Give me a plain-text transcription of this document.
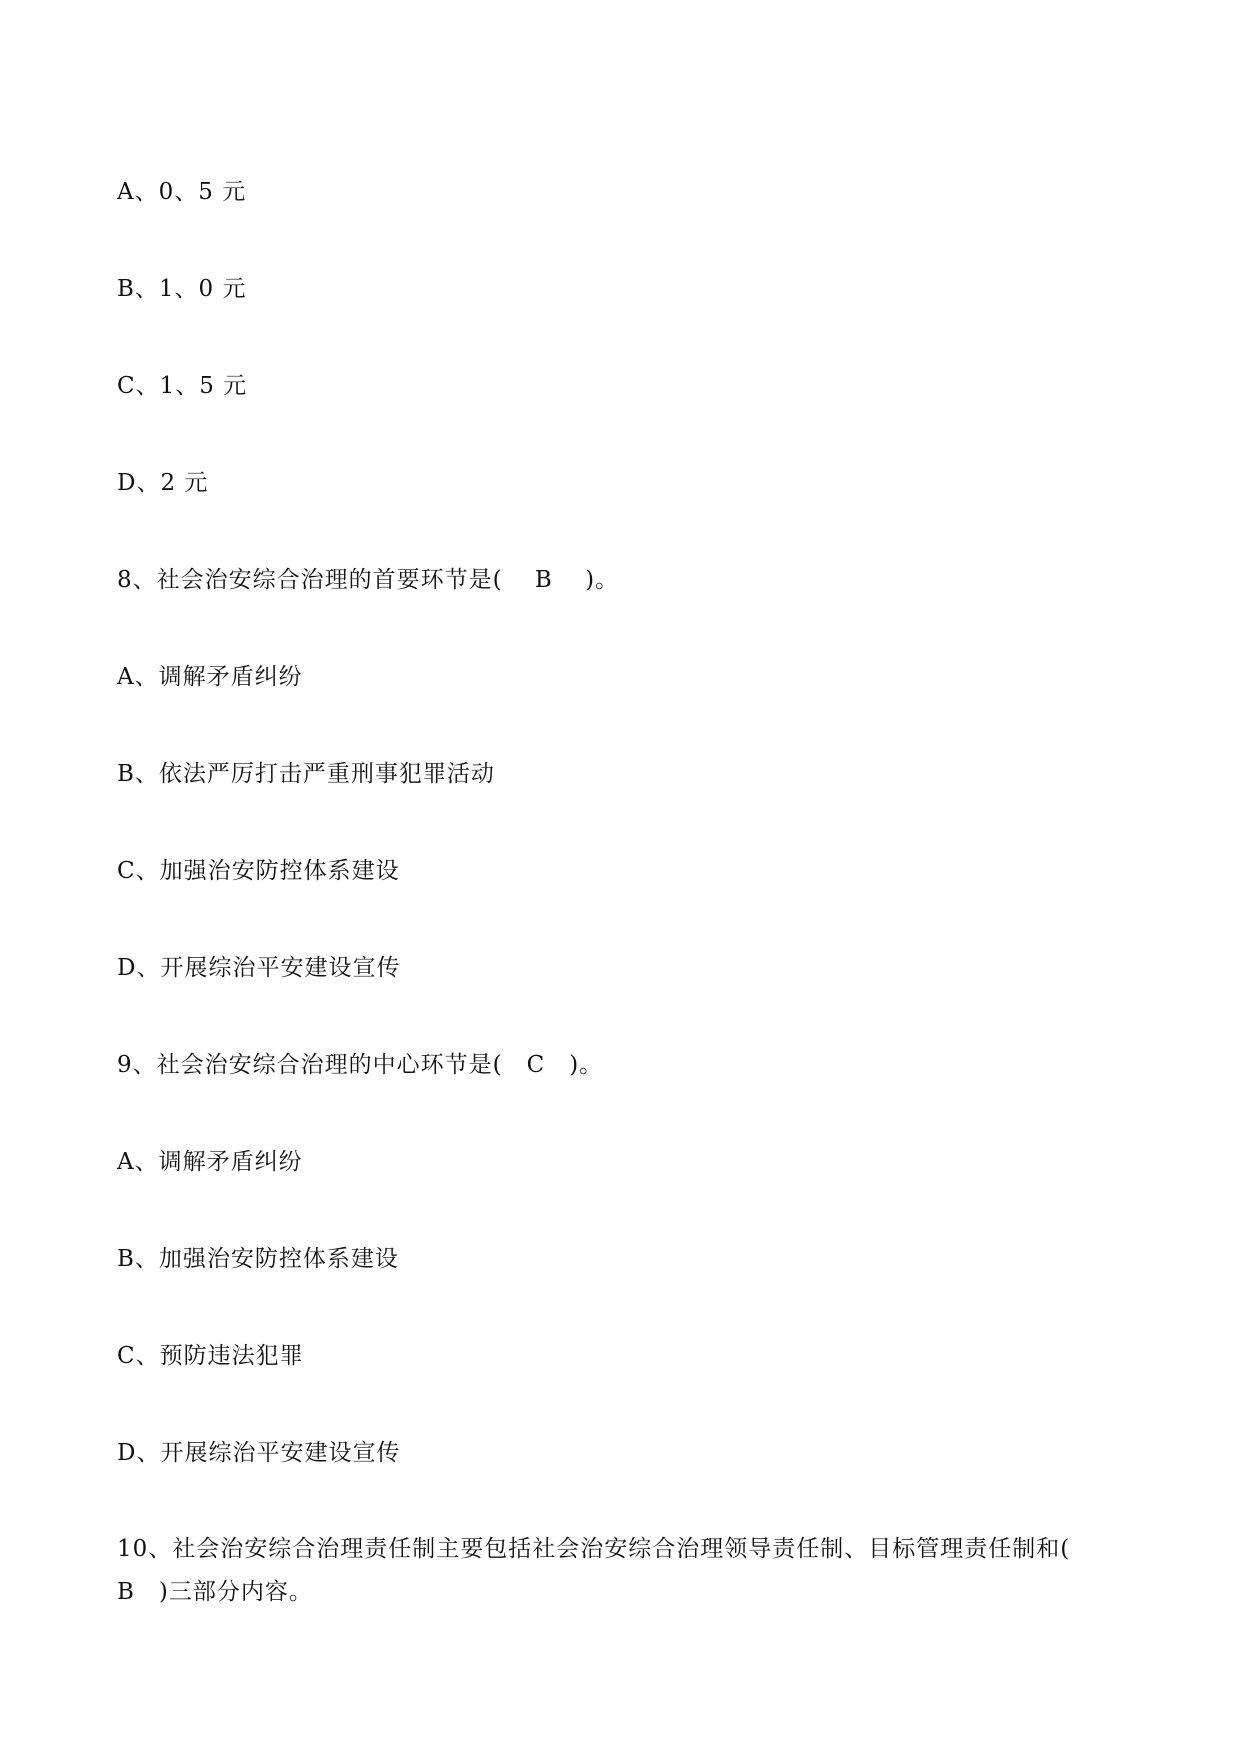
A、0、5 元
B、1、0 元
C、1、5 元
D、2 元
8、社会治安综合治理的首要环节是(　 B　 )。
A、调解矛盾纠纷
B、依法严厉打击严重刑事犯罪活动
C、加强治安防控体系建设
D、开展综治平安建设宣传
9、社会治安综合治理的中心环节是(　C　)。
A、调解矛盾纠纷
B、加强治安防控体系建设
C、预防违法犯罪
D、开展综治平安建设宣传
10、社会治安综合治理责任制主要包括社会治安综合治理领导责任制、目标管理责任制和(　B　)三部分内容。
